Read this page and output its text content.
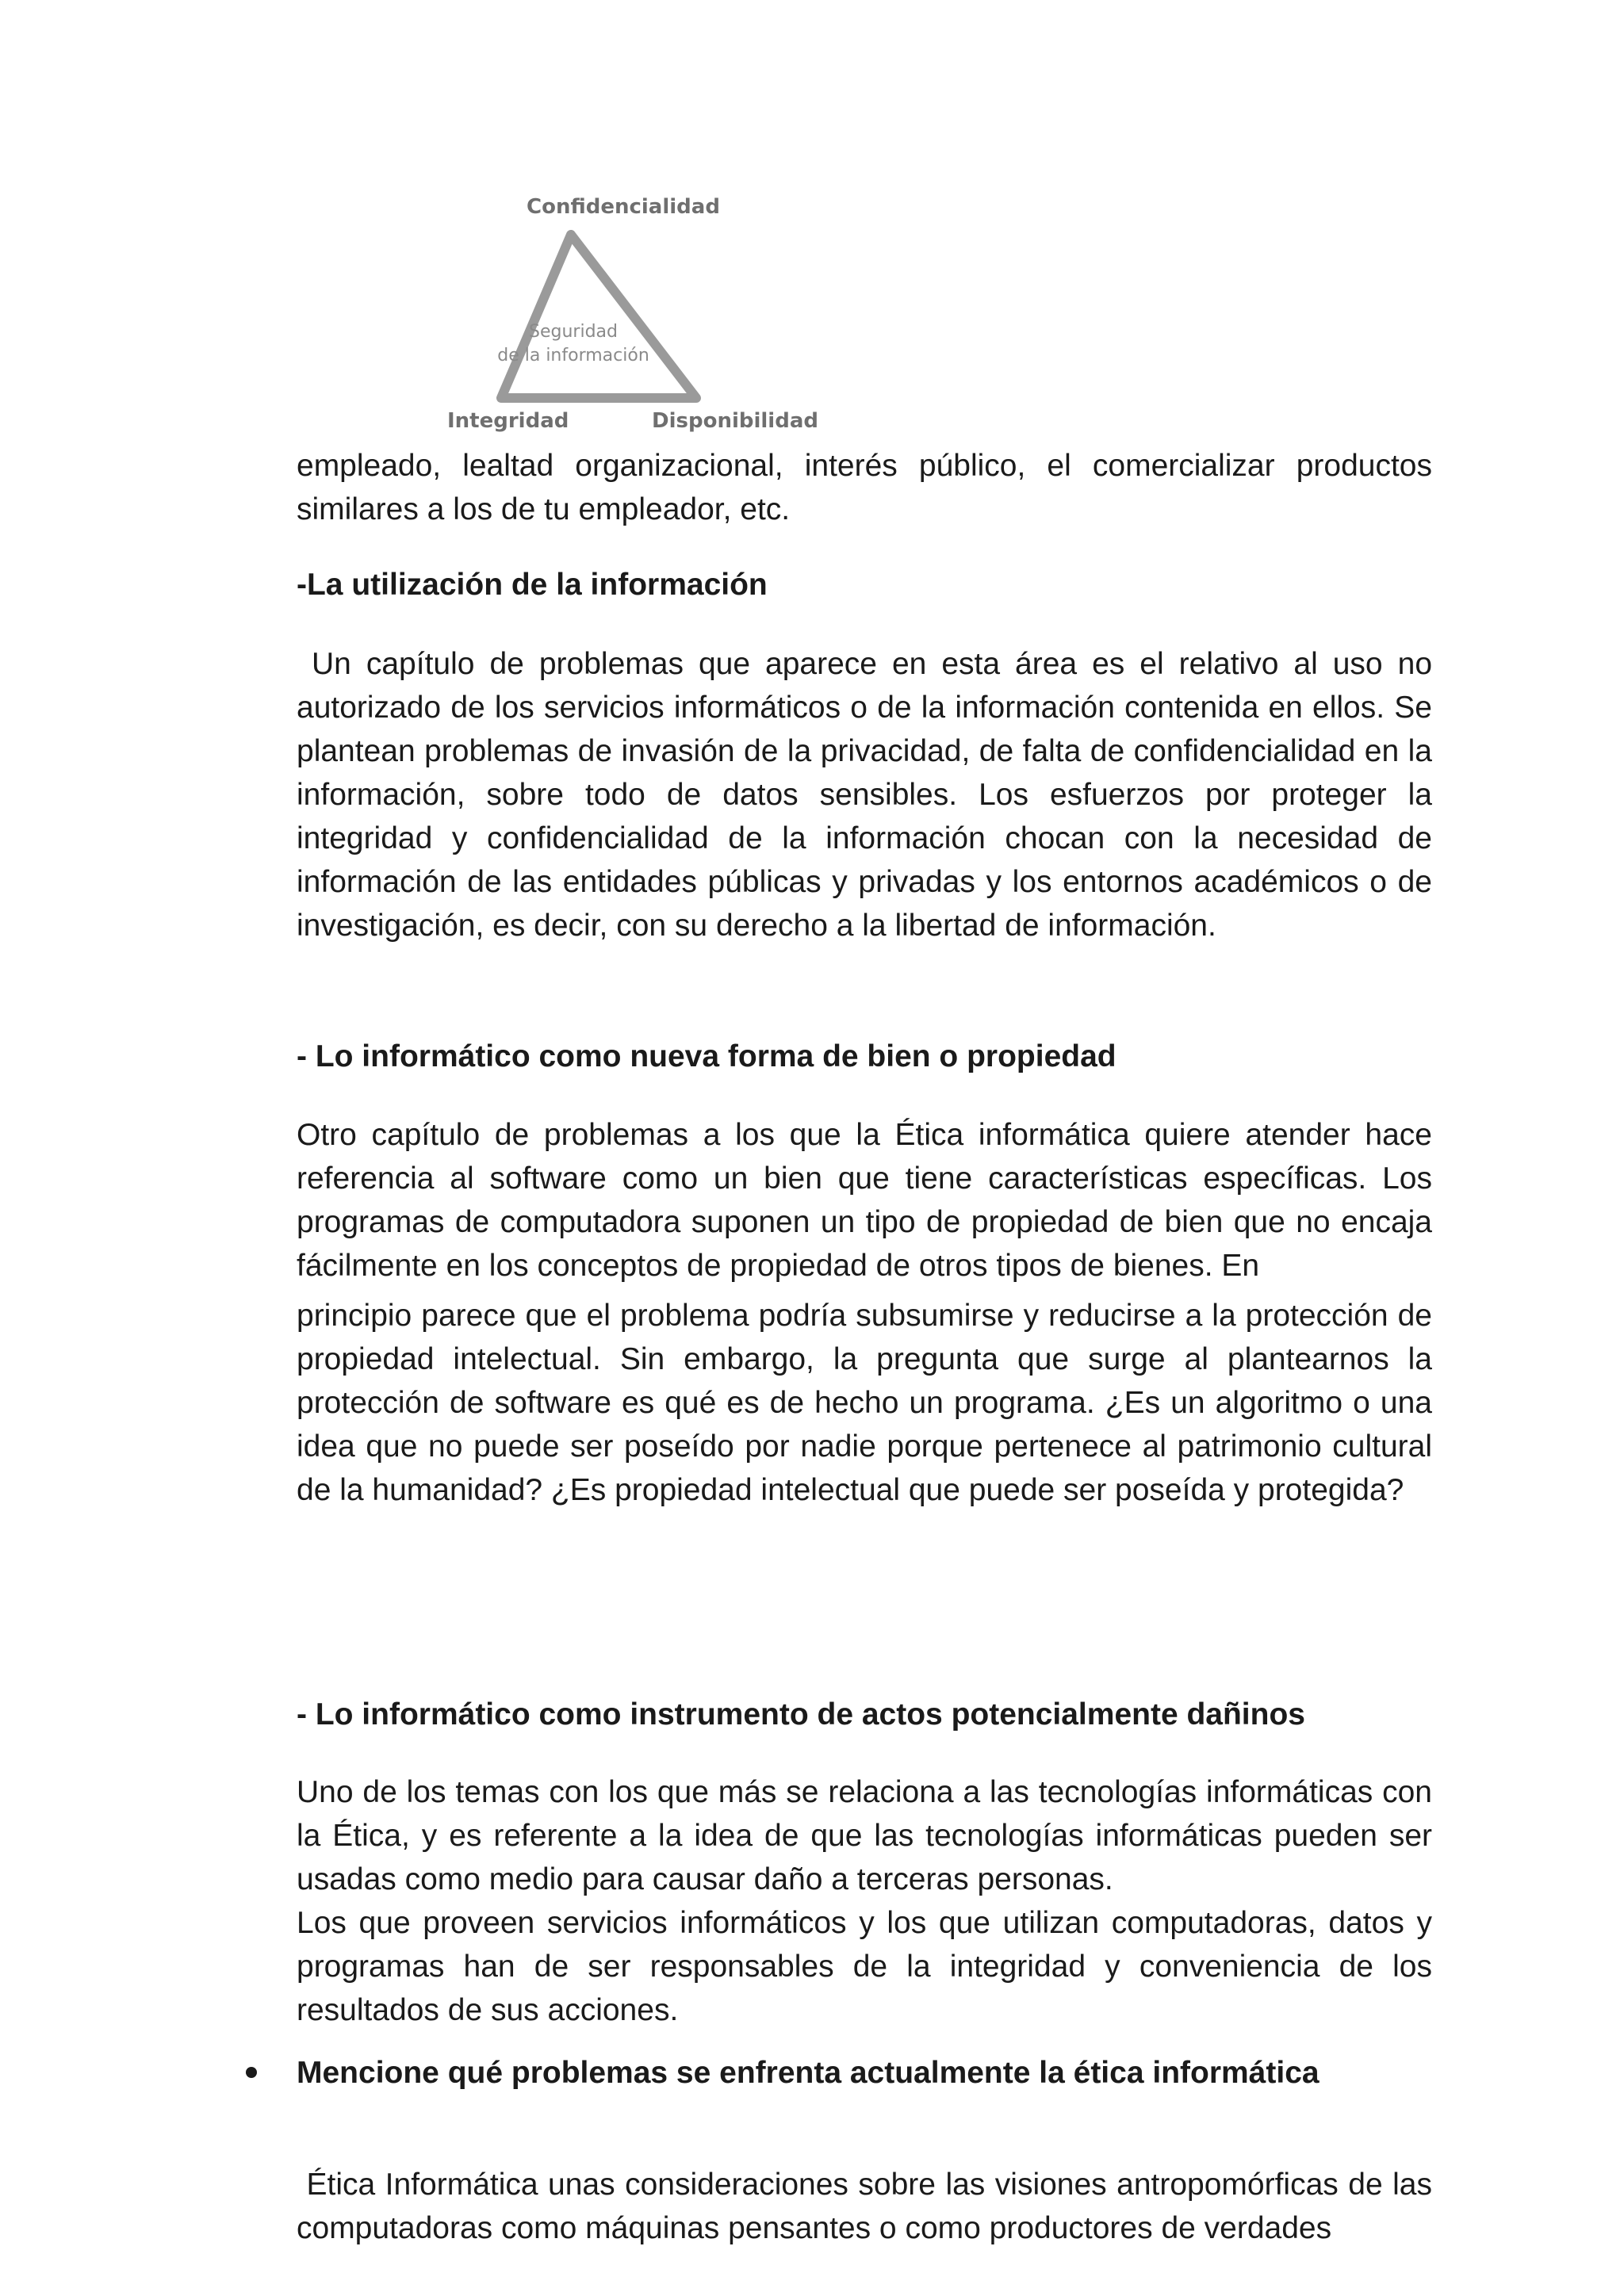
Confidencialidad
Seguridad
de la información
Integridad	Disponibilidad

empleado, lealtad organizacional, interés público, el comercializar productos similares a los de tu empleador, etc.

-La utilización de la información

Un capítulo de problemas que aparece en esta área es el relativo al uso no autorizado de los servicios informáticos o de la información contenida en ellos. Se plantean problemas de invasión de la privacidad, de falta de confidencialidad en la información, sobre todo de datos sensibles. Los esfuerzos por proteger la integridad y confidencialidad de la información chocan con la necesidad de información de las entidades públicas y privadas y los entornos académicos o de investigación, es decir, con su derecho a la libertad de información.

- Lo informático como nueva forma de bien o propiedad

Otro capítulo de problemas a los que la Ética informática quiere atender hace referencia al software como un bien que tiene características específicas. Los programas de computadora suponen un tipo de propiedad de bien que no encaja fácilmente en los conceptos de propiedad de otros tipos de bienes. En

principio parece que el problema podría subsumirse y reducirse a la protección de propiedad intelectual. Sin embargo, la pregunta que surge al plantearnos la protección de software es qué es de hecho un programa. ¿Es un algoritmo o una idea que no puede ser poseído por nadie porque pertenece al patrimonio cultural de la humanidad? ¿Es propiedad intelectual que puede ser poseída y protegida?

- Lo informático como instrumento de actos potencialmente dañinos

Uno de los temas con los que más se relaciona a las tecnologías informáticas con la Ética, y es referente a la idea de que las tecnologías informáticas pueden ser usadas como medio para causar daño a terceras personas.

Los que proveen servicios informáticos y los que utilizan computadoras, datos y programas han de ser responsables de la integridad y conveniencia de los resultados de sus acciones.

Mencione qué problemas se enfrenta actualmente la ética informática

Ética Informática unas consideraciones sobre las visiones antropomórficas de las computadoras como máquinas pensantes o como productores de verdades
